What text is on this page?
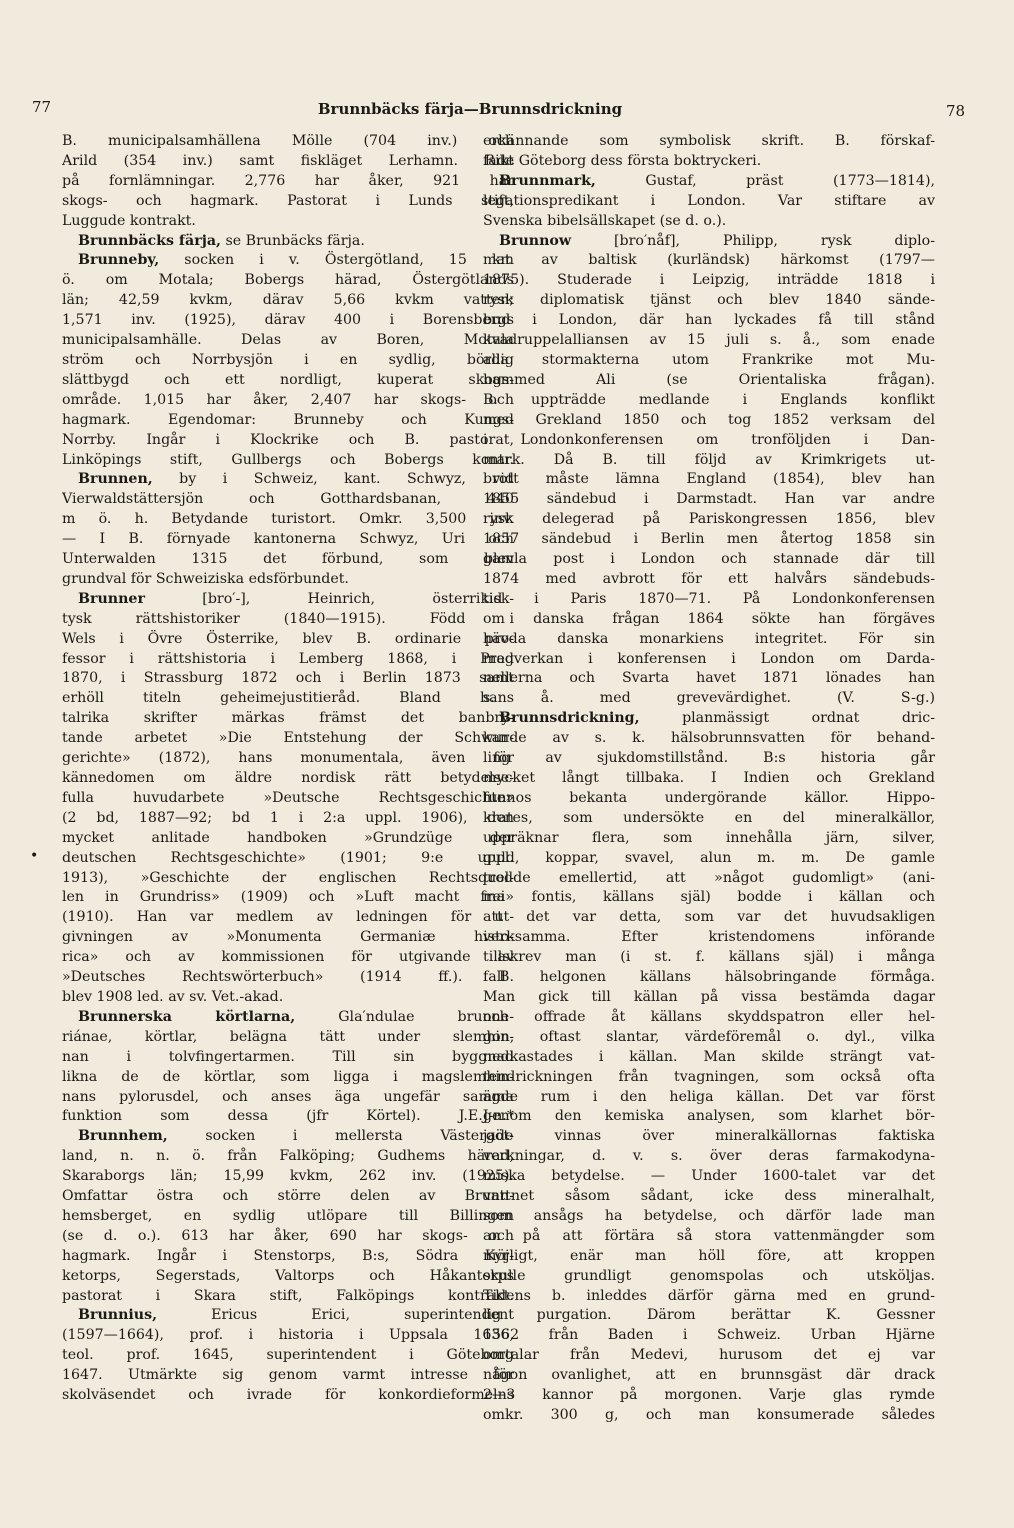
77	Brunnbäcks färja—Brunnsdrickning	78
B. municipalsamhällena Mölle (704 inv.) och
Arild (354 inv.) samt fiskläget Lerhamn. Rikt
på fornlämningar. 2,776 har åker, 921 har
skogs- och hagmark. Pastorat i Lunds stift,
Luggude kontrakt.
Brunnbäcks färja, se Brunbäcks färja.
Brunneby, socken i v. Östergötland, 15 km
ö. om Motala; Bobergs härad, Östergötlands
län; 42,59 kvkm, därav 5,66 kvkm vatten;
1,571 inv. (1925), därav 400 i Borensbergs
municipalsamhälle. Delas av Boren, Motala
ström och Norrbysjön i en sydlig, bördig
slättbygd och ett nordligt, kuperat skogs-
område. 1,015 har åker, 2,407 har skogs- och
hagmark. Egendomar: Brunneby och Kungs-
Norrby. Ingår i Klockrike och B. pastorat,
Linköpings stift, Gullbergs och Bobergs kontr.
Brunnen, by i Schweiz, kant. Schwyz, vid
Vierwaldstättersjön och Gotthardsbanan, 440
m ö. h. Betydande turistort. Omkr. 3,500 inv.
— I B. förnyade kantonerna Schwyz, Uri och
Unterwalden 1315 det förbund, som blev
grundval för Schweiziska edsförbundet.
Brunner [bro′-], Heinrich, österrikisk-
tysk rättshistoriker (1840—1915). Född i
Wels i Övre Österrike, blev B. ordinarie pro-
fessor i rättshistoria i Lemberg 1868, i Prag
1870, i Strassburg 1872 och i Berlin 1873 samt
erhöll titeln geheimejustitieråd. Bland hans
talrika skrifter märkas främst det banbry-
tande arbetet »Die Entstehung der Schwur-
gerichte» (1872), hans monumentala, även för
kännedomen om äldre nordisk rätt betydelse-
fulla huvudarbete »Deutsche Rechtsgeschichte»
(2 bd, 1887—92; bd 1 i 2:a uppl. 1906), den
mycket anlitade handboken »Grundzüge der
deutschen Rechtsgeschichte» (1901; 9:e uppl.
1913), »Geschichte der englischen Rechtsquel-
len in Grundriss» (1909) och »Luft macht frei»
(1910). Han var medlem av ledningen för ut-
givningen av »Monumenta Germaniæ histo-
rica» och av kommissionen för utgivande av
»Deutsches Rechtswörterbuch» (1914 ff.). B.
blev 1908 led. av sv. Vet.-akad.
Brunnerska körtlarna, Gla′ndulae brunne-
riánae, körtlar, belägna tätt under slemhin-
nan i tolvfingertarmen. Till sin byggnad
likna de de körtlar, som ligga i magslemhin-
nans pylorusdel, och anses äga ungefär samma
funktion som dessa (jfr Körtel). J.E.J-n.*
Brunnhem, socken i mellersta Västergöt-
land, n. n. ö. från Falköping; Gudhems härad,
Skaraborgs län; 15,99 kvkm, 262 inv. (1925).
Omfattar östra och större delen av Brunn-
hemsberget, en sydlig utlöpare till Billingen
(se d. o.). 613 har åker, 690 har skogs- och
hagmark. Ingår i Stenstorps, B:s, Södra Kyr-
ketorps, Segerstads, Valtorps och Håkantorps
pastorat i Skara stift, Falköpings kontrakt.
Brunnius, Ericus Erici, superintendent
(1597—1664), prof. i historia i Uppsala 1636,
teol. prof. 1645, superintendent i Göteborg
1647. Utmärkte sig genom varmt intresse för
skolväsendet och ivrade för konkordieformelns
erkännande som symbolisk skrift. B. förskaf-
fade Göteborg dess första boktryckeri.
Brunnmark, Gustaf, präst (1773—1814),
legationspredikant i London. Var stiftare av
Svenska bibelsällskapet (se d. o.).
Brunnow [bro′nåf], Philipp, rysk diplo-
mat av baltisk (kurländsk) härkomst (1797—
1875). Studerade i Leipzig, inträdde 1818 i
rysk diplomatisk tjänst och blev 1840 sände-
bud i London, där han lyckades få till stånd
kvadruppelalliansen av 15 juli s. å., som enade
alla stormakterna utom Frankrike mot Mu-
hammed Ali (se Orientaliska frågan).
B. uppträdde medlande i Englands konflikt
med Grekland 1850 och tog 1852 verksam del
i Londonkonferensen om tronföljden i Dan-
mark. Då B. till följd av Krimkrigets ut-
brott måste lämna England (1854), blev han
1855 sändebud i Darmstadt. Han var andre
rysk delegerad på Pariskongressen 1856, blev
1857 sändebud i Berlin men återtog 1858 sin
gamla post i London och stannade där till
1874 med avbrott för ett halvårs sändebuds-
tid i Paris 1870—71. På Londonkonferensen
om danska frågan 1864 sökte han förgäves
hävda danska monarkiens integritet. För sin
medverkan i konferensen i London om Darda-
nellerna och Svarta havet 1871 lönades han
s. å. med grevevärdighet. (V. S-g.)
Brunnsdrickning, planmässigt ordnat dric-
kande av s. k. hälsobrunnsvatten för behand-
ling av sjukdomstillstånd. B:s historia går
mycket långt tillbaka. I Indien och Grekland
funnos bekanta undergörande källor. Hippo-
krates, som undersökte en del mineralkällor,
uppräknar flera, som innehålla järn, silver,
guld, koppar, svavel, alun m. m. De gamle
trodde emellertid, att »något gudomligt» (ani-
ma fontis, källans själ) bodde i källan och
att det var detta, som var det huvudsakligen
verksamma. Efter kristendomens införande
tillskrev man (i st. f. källans själ) i många
fall helgonen källans hälsobringande förmåga.
Man gick till källan på vissa bestämda dagar
och offrade åt källans skyddspatron eller hel-
gon, oftast slantar, värdeföremål o. dyl., vilka
nedkastades i källan. Man skilde strängt vat-
tendrickningen från tvagningen, som också ofta
ägde rum i den heliga källan. Det var först
genom den kemiska analysen, som klarhet bör-
jade vinnas över mineralkällornas faktiska
verkningar, d. v. s. över deras farmakodyna-
miska betydelse. — Under 1600-talet var det
vattnet såsom sådant, icke dess mineralhalt,
som ansågs ha betydelse, och därför lade man
an på att förtära så stora vattenmängder som
möjligt, enär man höll före, att kroppen
skulle grundligt genomspolas och utsköljas.
Tidens b. inleddes därför gärna med en grund-
lig purgation. Därom berättar K. Gessner
1562 från Baden i Schweiz. Urban Hjärne
omtalar från Medevi, hurusom det ej var
någon ovanlighet, att en brunnsgäst där drack
2—3 kannor på morgonen. Varje glas rymde
omkr. 300 g, och man konsumerade således
•
